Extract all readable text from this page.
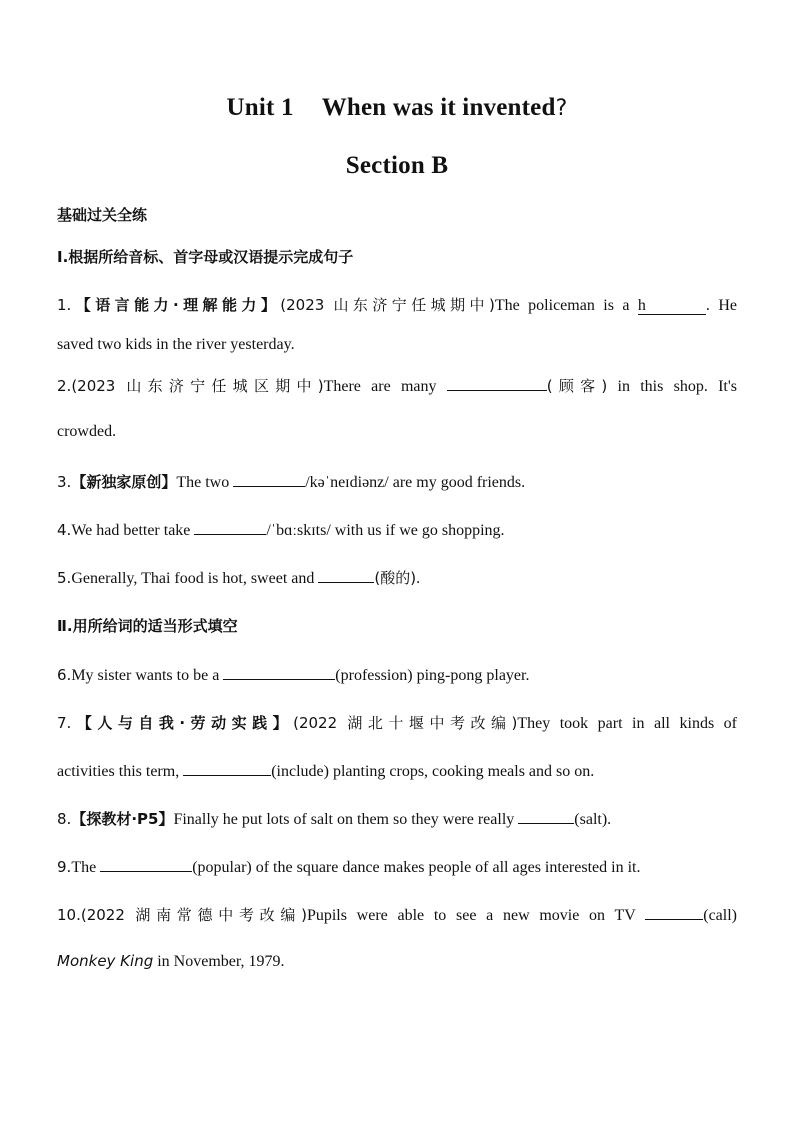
Unit 1 When was it invented?
Section B
基础过关全练
Ⅰ.根据所给音标、首字母或汉语提示完成句子
1.【语言能力·理解能力】(2023 山东济宁任城期中)The policeman is a h	. He
saved two kids in the river yesterday.
2.(2023 山东济宁任城区期中)There are many	(顾客) in this shop. It's
crowded.
3.【新独家原创】The two	/kəˈneɪdiənz/ are my good friends.
4.We had better take	/ˈbɑːskɪts/ with us if we go shopping.
5.Generally, Thai food is hot, sweet and	(酸的).
Ⅱ.用所给词的适当形式填空
6.My sister wants to be a	(profession) ping-pong player.
7.【人与自我·劳动实践】(2022 湖北十堰中考改编)They took part in all kinds of
activities this term,	(include) planting crops, cooking meals and so on.
8.【探教材·P5】Finally he put lots of salt on them so they were really	(salt).
9.The	(popular) of the square dance makes people of all ages interested in it.
10.(2022 湖南常德中考改编)Pupils were able to see a new movie on TV	(call)
Monkey King in November, 1979.
